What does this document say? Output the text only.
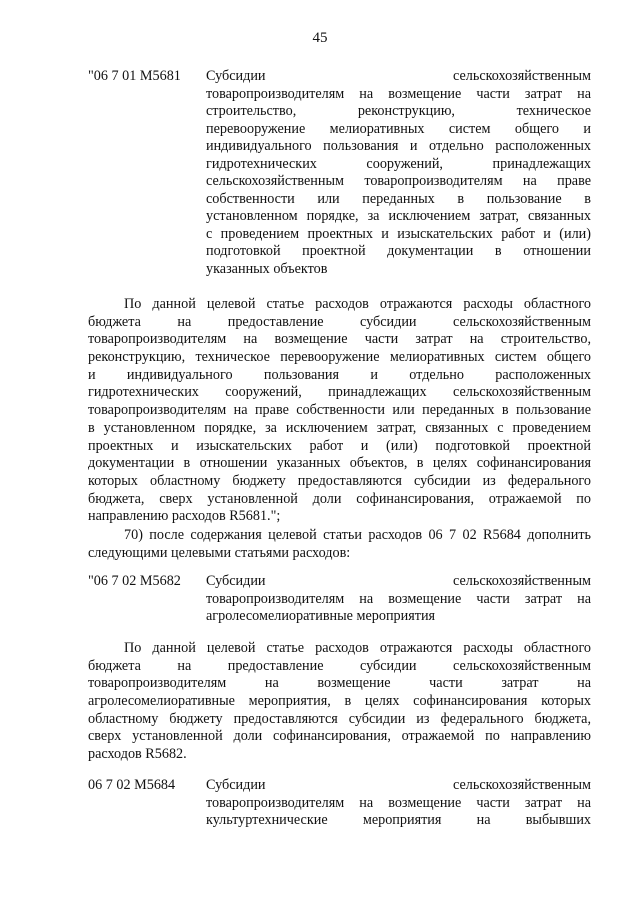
45
"06 7 01 M5681 Субсидии сельскохозяйственным
товаропроизводителям на возмещение части затрат на
строительство, реконструкцию, техническое
перевооружение мелиоративных систем общего и
индивидуального пользования и отдельно расположенных
гидротехнических сооружений, принадлежащих
сельскохозяйственным товаропроизводителям на праве
собственности или переданных в пользование в
установленном порядке, за исключением затрат, связанных
с проведением проектных и изыскательских работ и (или)
подготовкой проектной документации в отношении
указанных объектов
По данной целевой статье расходов отражаются расходы областного
бюджета на предоставление субсидии сельскохозяйственным
товаропроизводителям на возмещение части затрат на строительство,
реконструкцию, техническое перевооружение мелиоративных систем общего
и индивидуального пользования и отдельно расположенных
гидротехнических сооружений, принадлежащих сельскохозяйственным
товаропроизводителям на праве собственности или переданных в пользование
в установленном порядке, за исключением затрат, связанных с проведением
проектных и изыскательских работ и (или) подготовкой проектной
документации в отношении указанных объектов, в целях софинансирования
которых областному бюджету предоставляются субсидии из федерального
бюджета, сверх установленной доли софинансирования, отражаемой по
направлению расходов R5681.";
70) после содержания целевой статьи расходов 06 7 02 R5684 дополнить
следующими целевыми статьями расходов:
"06 7 02 M5682 Субсидии сельскохозяйственным
товаропроизводителям на возмещение части затрат на
агролесомелиоративные мероприятия
По данной целевой статье расходов отражаются расходы областного
бюджета на предоставление субсидии сельскохозяйственным
товаропроизводителям на возмещение части затрат на
агролесомелиоративные мероприятия, в целях софинансирования которых
областному бюджету предоставляются субсидии из федерального бюджета,
сверх установленной доли софинансирования, отражаемой по направлению
расходов R5682.
06 7 02 M5684 Субсидии сельскохозяйственным
товаропроизводителям на возмещение части затрат на
культуртехнические мероприятия на выбывших
